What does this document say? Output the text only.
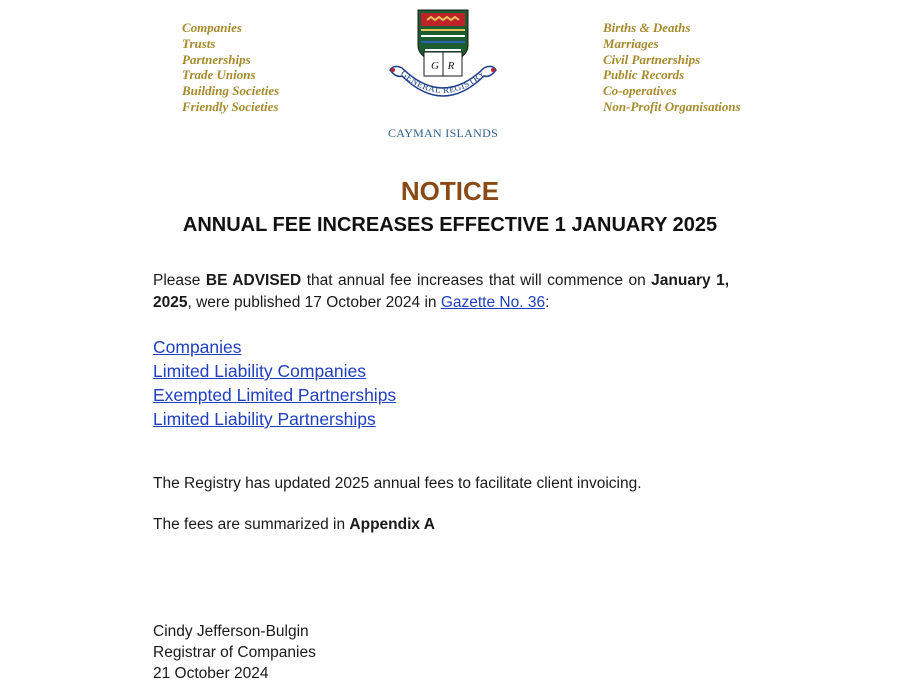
Companies
Trusts
Partnerships
Trade Unions
Building Societies
Friendly Societies
G R
GENERAL REGISTRY
CAYMAN ISLANDS
Births & Deaths
Marriages
Civil Partnerships
Public Records
Co-operatives
Non-Profit Organisations
NOTICE
ANNUAL FEE INCREASES EFFECTIVE 1 JANUARY 2025
Please BE ADVISED that annual fee increases that will commence on January 1, 2025, were published 17 October 2024 in Gazette No. 36:
Companies
Limited Liability Companies
Exempted Limited Partnerships
Limited Liability Partnerships
The Registry has updated 2025 annual fees to facilitate client invoicing.
The fees are summarized in Appendix A
Cindy Jefferson-Bulgin
Registrar of Companies
21 October 2024
